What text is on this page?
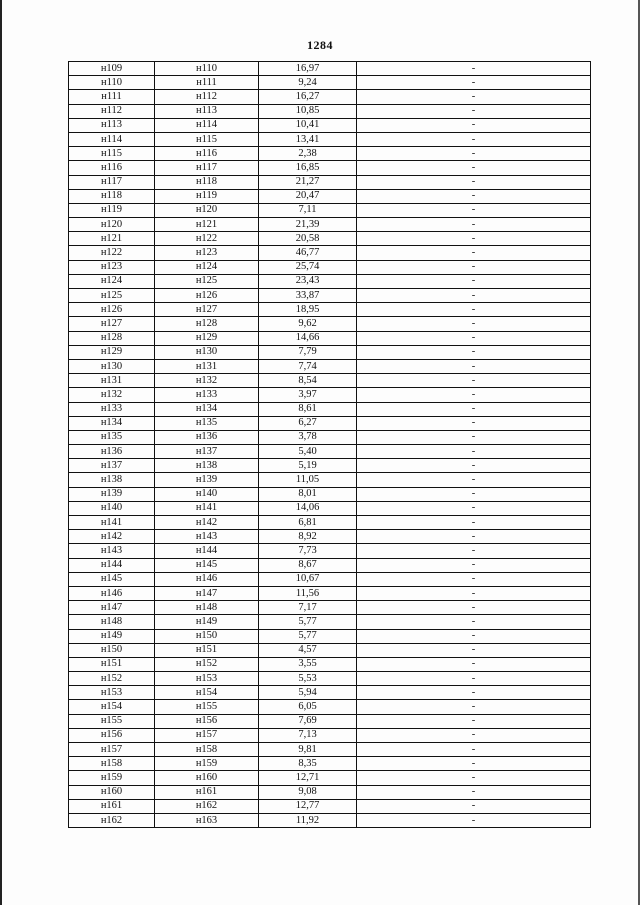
1284
н109	н110	16,97	-
н110	н111	9,24	-
н111	н112	16,27	-
н112	н113	10,85	-
н113	н114	10,41	-
н114	н115	13,41	-
н115	н116	2,38	-
н116	н117	16,85	-
н117	н118	21,27	-
н118	н119	20,47	-
н119	н120	7,11	-
н120	н121	21,39	-
н121	н122	20,58	-
н122	н123	46,77	-
н123	н124	25,74	-
н124	н125	23,43	-
н125	н126	33,87	-
н126	н127	18,95	-
н127	н128	9,62	-
н128	н129	14,66	-
н129	н130	7,79	-
н130	н131	7,74	-
н131	н132	8,54	-
н132	н133	3,97	-
н133	н134	8,61	-
н134	н135	6,27	-
н135	н136	3,78	-
н136	н137	5,40	-
н137	н138	5,19	-
н138	н139	11,05	-
н139	н140	8,01	-
н140	н141	14,06	-
н141	н142	6,81	-
н142	н143	8,92	-
н143	н144	7,73	-
н144	н145	8,67	-
н145	н146	10,67	-
н146	н147	11,56	-
н147	н148	7,17	-
н148	н149	5,77	-
н149	н150	5,77	-
н150	н151	4,57	-
н151	н152	3,55	-
н152	н153	5,53	-
н153	н154	5,94	-
н154	н155	6,05	-
н155	н156	7,69	-
н156	н157	7,13	-
н157	н158	9,81	-
н158	н159	8,35	-
н159	н160	12,71	-
н160	н161	9,08	-
н161	н162	12,77	-
н162	н163	11,92	-
